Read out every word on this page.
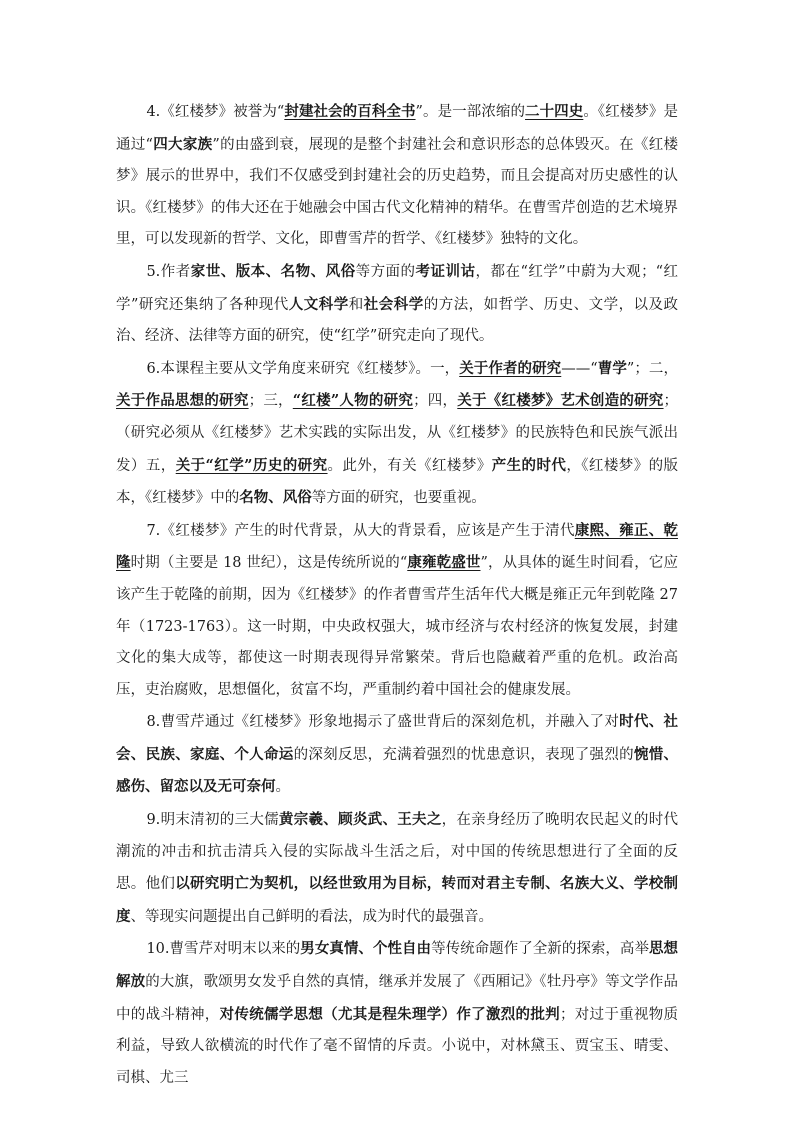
4.《红楼梦》被誉为“封建社会的百科全书”。是一部浓缩的二十四史。《红楼梦》是通过“四大家族”的由盛到衰，展现的是整个封建社会和意识形态的总体毁灭。在《红楼梦》展示的世界中，我们不仅感受到封建社会的历史趋势，而且会提高对历史感性的认识。《红楼梦》的伟大还在于她融会中国古代文化精神的精华。在曹雪芹创造的艺术境界里，可以发现新的哲学、文化，即曹雪芹的哲学、《红楼梦》独特的文化。

5.作者家世、版本、名物、风俗等方面的考证训诂，都在“红学”中蔚为大观；“红学”研究还集纳了各种现代人文科学和社会科学的方法，如哲学、历史、文学，以及政治、经济、法律等方面的研究，使“红学”研究走向了现代。

6.本课程主要从文学角度来研究《红楼梦》。一，关于作者的研究——“曹学”；二，关于作品思想的研究；三，“红楼”人物的研究；四，关于《红楼梦》艺术创造的研究；（研究必须从《红楼梦》艺术实践的实际出发，从《红楼梦》的民族特色和民族气派出发）五，关于“红学”历史的研究。此外，有关《红楼梦》产生的时代，《红楼梦》的版本，《红楼梦》中的名物、风俗等方面的研究，也要重视。

7.《红楼梦》产生的时代背景，从大的背景看，应该是产生于清代康熙、雍正、乾隆时期（主要是 18 世纪），这是传统所说的“康雍乾盛世”，从具体的诞生时间看，它应该产生于乾隆的前期，因为《红楼梦》的作者曹雪芹生活年代大概是雍正元年到乾隆 27 年（1723-1763）。这一时期，中央政权强大，城市经济与农村经济的恢复发展，封建文化的集大成等，都使这一时期表现得异常繁荣。背后也隐藏着严重的危机。政治高压，吏治腐败，思想僵化，贫富不均，严重制约着中国社会的健康发展。

8.曹雪芹通过《红楼梦》形象地揭示了盛世背后的深刻危机，并融入了对时代、社会、民族、家庭、个人命运的深刻反思，充满着强烈的忧患意识，表现了强烈的惋惜、感伤、留恋以及无可奈何。

9.明末清初的三大儒黄宗羲、顾炎武、王夫之，在亲身经历了晚明农民起义的时代潮流的冲击和抗击清兵入侵的实际战斗生活之后，对中国的传统思想进行了全面的反思。他们以研究明亡为契机，以经世致用为目标，转而对君主专制、名族大义、学校制度、等现实问题提出自己鲜明的看法，成为时代的最强音。

10.曹雪芹对明末以来的男女真情、个性自由等传统命题作了全新的探索，高举思想解放的大旗，歌颂男女发乎自然的真情，继承并发展了《西厢记》《牡丹亭》等文学作品中的战斗精神，对传统儒学思想（尤其是程朱理学）作了激烈的批判；对过于重视物质利益，导致人欲横流的时代作了毫不留情的斥责。小说中，对林黛玉、贾宝玉、晴雯、司棋、尤三
